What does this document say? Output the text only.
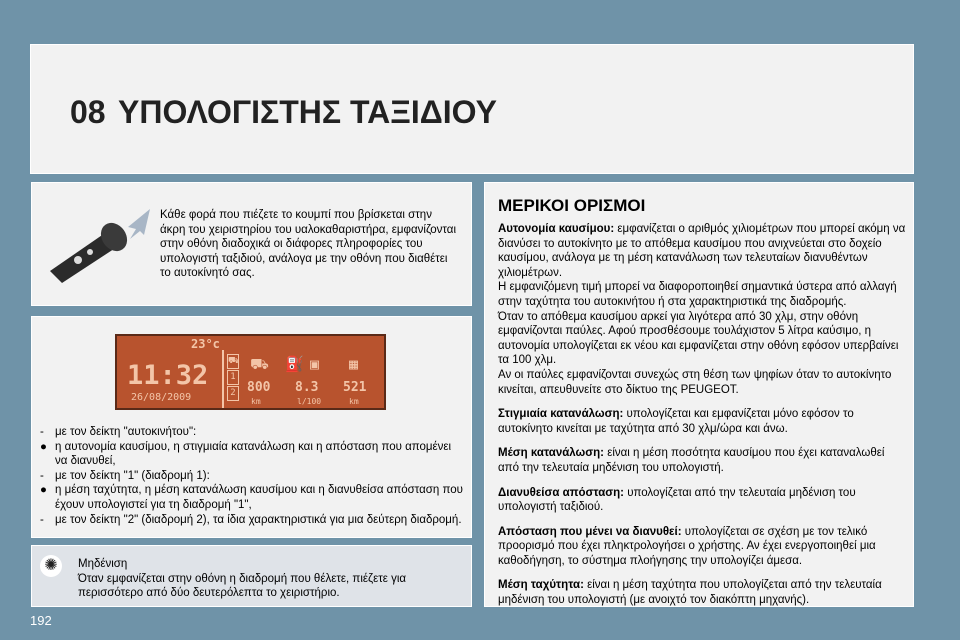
08 ΥΠΟΛΟΓΙΣΤΗΣ ΤΑΞΙΔΙΟΥ
Κάθε φορά που πιέζετε το κουμπί που βρίσκεται στην άκρη του χειριστηρίου του υαλοκαθαριστήρα, εμφανίζονται στην οθόνη διαδοχικά οι διάφορες πληροφορίες του υπολογιστή ταξιδιού, ανάλογα με την οθόνη που διαθέτει το αυτοκίνητό σας.
23°c
11:32
26/08/2009
⛟
1
2
⛟ ⛽ ▣ ▦
800
km
8.3
l/100
521
km
- με τον δείκτη "αυτοκινήτου":
● η αυτονομία καυσίμου, η στιγμιαία κατανάλωση και η απόσταση που απομένει να διανυθεί,
- με τον δείκτη "1" (διαδρομή 1):
● η μέση ταχύτητα, η μέση κατανάλωση καυσίμου και η διανυθείσα απόσταση που έχουν υπολογιστεί για τη διαδρομή "1",
- με τον δείκτη "2" (διαδρομή 2), τα ίδια χαρακτηριστικά για μια δεύτερη διαδρομή.
✺	Μηδένιση
Όταν εμφανίζεται στην οθόνη η διαδρομή που θέλετε, πιέζετε για περισσότερο από δύο δευτερόλεπτα το χειριστήριο.
ΜΕΡΙΚΟΙ ΟΡΙΣΜΟΙ
Αυτονομία καυσίμου: εμφανίζεται ο αριθμός χιλιομέτρων που μπορεί ακόμη να διανύσει το αυτοκίνητο με το απόθεμα καυσίμου που ανιχνεύεται στο δοχείο καυσίμου, ανάλογα με τη μέση κατανάλωση των τελευταίων διανυθέντων χιλιομέτρων.
Η εμφανιζόμενη τιμή μπορεί να διαφοροποιηθεί σημαντικά ύστερα από αλλαγή στην ταχύτητα του αυτοκινήτου ή στα χαρακτηριστικά της διαδρομής.
Όταν το απόθεμα καυσίμου αρκεί για λιγότερα από 30 χλμ, στην οθόνη εμφανίζονται παύλες. Αφού προσθέσουμε τουλάχιστον 5 λίτρα καύσιμο, η αυτονομία υπολογίζεται εκ νέου και εμφανίζεται στην οθόνη εφόσον υπερβαίνει τα 100 χλμ.
Αν οι παύλες εμφανίζονται συνεχώς στη θέση των ψηφίων όταν το αυτοκίνητο κινείται, απευθυνείτε στο δίκτυο της PEUGEOT.
Στιγμιαία κατανάλωση: υπολογίζεται και εμφανίζεται μόνο εφόσον το αυτοκίνητο κινείται με ταχύτητα από 30 χλμ/ώρα και άνω.
Μέση κατανάλωση: είναι η μέση ποσότητα καυσίμου που έχει καταναλωθεί από την τελευταία μηδένιση του υπολογιστή.
Διανυθείσα απόσταση: υπολογίζεται από την τελευταία μηδένιση του υπολογιστή ταξιδιού.
Απόσταση που μένει να διανυθεί: υπολογίζεται σε σχέση με τον τελικό προορισμό που έχει πληκτρολογήσει ο χρήστης. Αν έχει ενεργοποιηθεί μια καθοδήγηση, το σύστημα πλοήγησης την υπολογίζει άμεσα.
Μέση ταχύτητα: είναι η μέση ταχύτητα που υπολογίζεται από την τελευταία μηδένιση του υπολογιστή (με ανοιχτό τον διακόπτη μηχανής).
192
